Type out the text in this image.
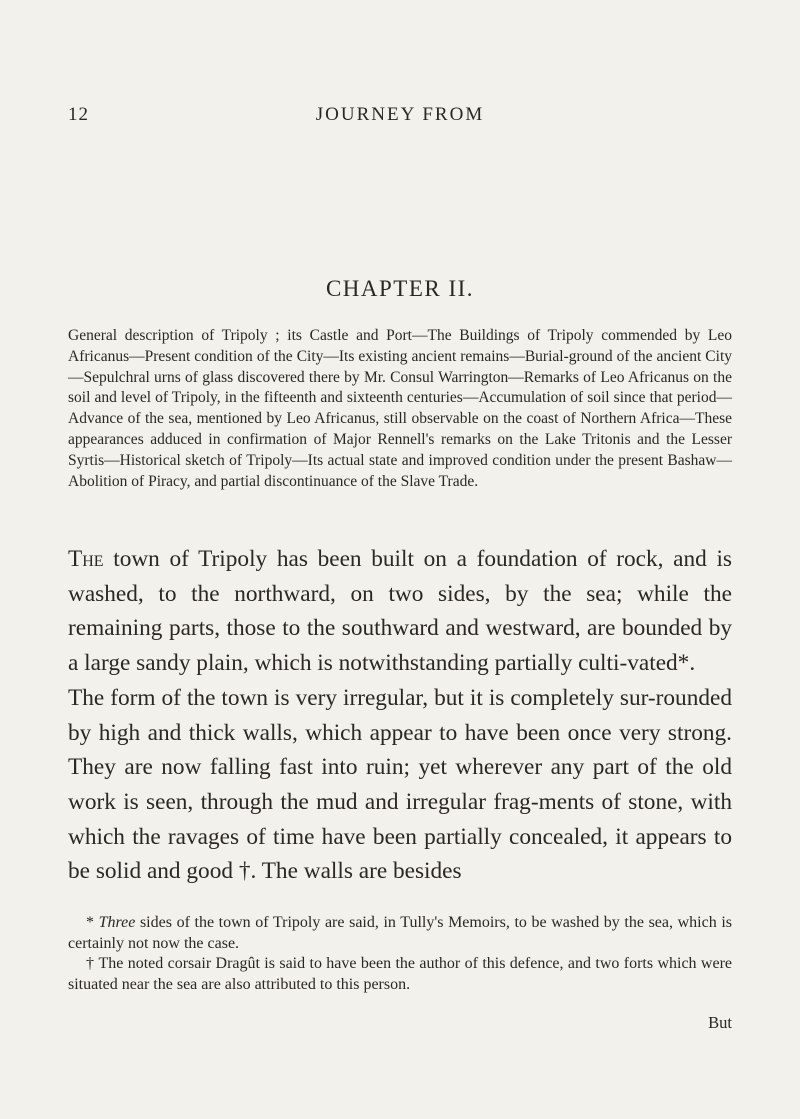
12	JOURNEY FROM
CHAPTER II.
General description of Tripoly ; its Castle and Port—The Buildings of Tripoly commended by Leo Africanus—Present condition of the City—Its existing ancient remains—Burial-ground of the ancient City—Sepulchral urns of glass discovered there by Mr. Consul Warrington—Remarks of Leo Africanus on the soil and level of Tripoly, in the fifteenth and sixteenth centuries—Accumulation of soil since that period—Advance of the sea, mentioned by Leo Africanus, still observable on the coast of Northern Africa—These appearances adduced in confirmation of Major Rennell's remarks on the Lake Tritonis and the Lesser Syrtis—Historical sketch of Tripoly—Its actual state and improved condition under the present Bashaw—Abolition of Piracy, and partial discontinuance of the Slave Trade.

The town of Tripoly has been built on a foundation of rock, and is washed, to the northward, on two sides, by the sea; while the remaining parts, those to the southward and westward, are bounded by a large sandy plain, which is notwithstanding partially culti-vated*.

The form of the town is very irregular, but it is completely sur-rounded by high and thick walls, which appear to have been once very strong. They are now falling fast into ruin; yet wherever any part of the old work is seen, through the mud and irregular frag-ments of stone, with which the ravages of time have been partially concealed, it appears to be solid and good †. The walls are besides

* Three sides of the town of Tripoly are said, in Tully's Memoirs, to be washed by the sea, which is certainly not now the case.

† The noted corsair Dragût is said to have been the author of this defence, and two forts which were situated near the sea are also attributed to this person.

But
